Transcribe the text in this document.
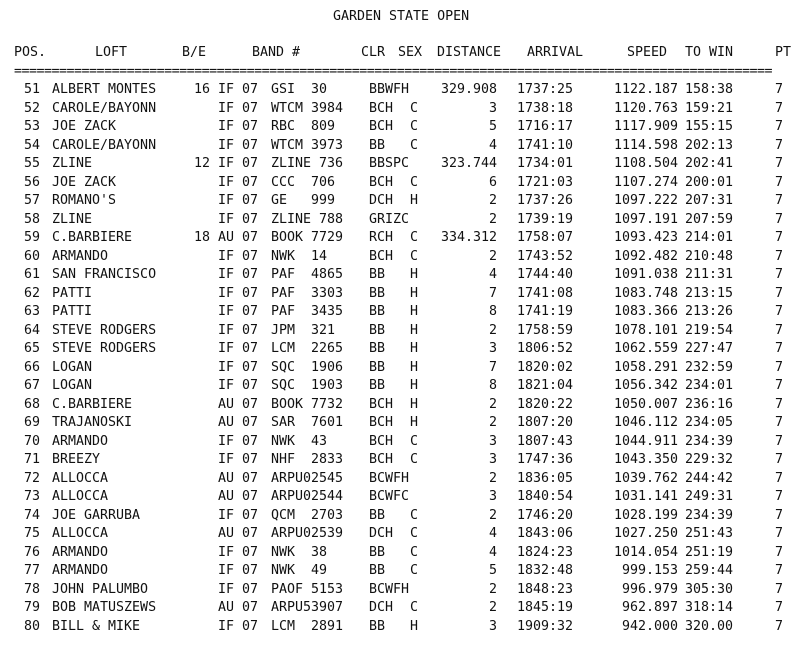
GARDEN STATE OPEN
POS.	LOFT	B/E	BAND #	CLR SEX DISTANCE ARRIVAL	SPEED TO WIN	PT
=====================================================================================================
51 ALBERT MONTES	16 IF 07 GSI  30	BBWFH	329.908 1737:25	1122.187 158:38	7
52 CAROLE/BAYONN	IF 07 WTCM 3984	BCH	C	3 1738:18	1120.763 159:21	7
53 JOE ZACK	IF 07 RBC  809	BCH	C	5 1716:17	1117.909 155:15	7
54 CAROLE/BAYONN	IF 07 WTCM 3973	BB	C	4 1741:10	1114.598 202:13	7
55 ZLINE	12 IF 07 ZLINE 736	BBSPC	323.744 1734:01	1108.504 202:41	7
56 JOE ZACK	IF 07 CCC  706	BCH	C	6 1721:03	1107.274 200:01	7
57 ROMANO'S	IF 07 GE   999	DCH	H	2 1737:26	1097.222 207:31	7
58 ZLINE	IF 07 ZLINE 788	GRIZC	2 1739:19	1097.191 207:59	7
59 C.BARBIERE	18 AU 07 BOOK 7729	RCH	C	334.312 1758:07	1093.423 214:01	7
60 ARMANDO	IF 07 NWK  14	BCH	C	2 1743:52	1092.482 210:48	7
61 SAN FRANCISCO	IF 07 PAF  4865	BB	H	4 1744:40	1091.038 211:31	7
62 PATTI	IF 07 PAF  3303	BB	H	7 1741:08	1083.748 213:15	7
63 PATTI	IF 07 PAF  3435	BB	H	8 1741:19	1083.366 213:26	7
64 STEVE RODGERS	IF 07 JPM  321	BB	H	2 1758:59	1078.101 219:54	7
65 STEVE RODGERS	IF 07 LCM  2265	BB	H	3 1806:52	1062.559 227:47	7
66 LOGAN	IF 07 SQC  1906	BB	H	7 1820:02	1058.291 232:59	7
67 LOGAN	IF 07 SQC  1903	BB	H	8 1821:04	1056.342 234:01	7
68 C.BARBIERE	AU 07 BOOK 7732	BCH	H	2 1820:22	1050.007 236:16	7
69 TRAJANOSKI	AU 07 SAR  7601	BCH	H	2 1807:20	1046.112 234:05	7
70 ARMANDO	IF 07 NWK  43	BCH	C	3 1807:43	1044.911 234:39	7
71 BREEZY	IF 07 NHF  2833	BCH	C	3 1747:36	1043.350 229:32	7
72 ALLOCCA	AU 07 ARPU02545	BCWFH	2 1836:05	1039.762 244:42	7
73 ALLOCCA	AU 07 ARPU02544	BCWFC	3 1840:54	1031.141 249:31	7
74 JOE GARRUBA	IF 07 QCM  2703	BB	C	2 1746:20	1028.199 234:39	7
75 ALLOCCA	AU 07 ARPU02539	DCH	C	4 1843:06	1027.250 251:43	7
76 ARMANDO	IF 07 NWK  38	BB	C	4 1824:23	1014.054 251:19	7
77 ARMANDO	IF 07 NWK  49	BB	C	5 1832:48	999.153 259:44	7
78 JOHN PALUMBO	IF 07 PAOF 5153	BCWFH	2 1848:23	996.979 305:30	7
79 BOB MATUSZEWS	AU 07 ARPU53907	DCH	C	2 1845:19	962.897 318:14	7
80 BILL & MIKE	IF 07 LCM  2891	BB	H	3 1909:32	942.000 320.00	7
